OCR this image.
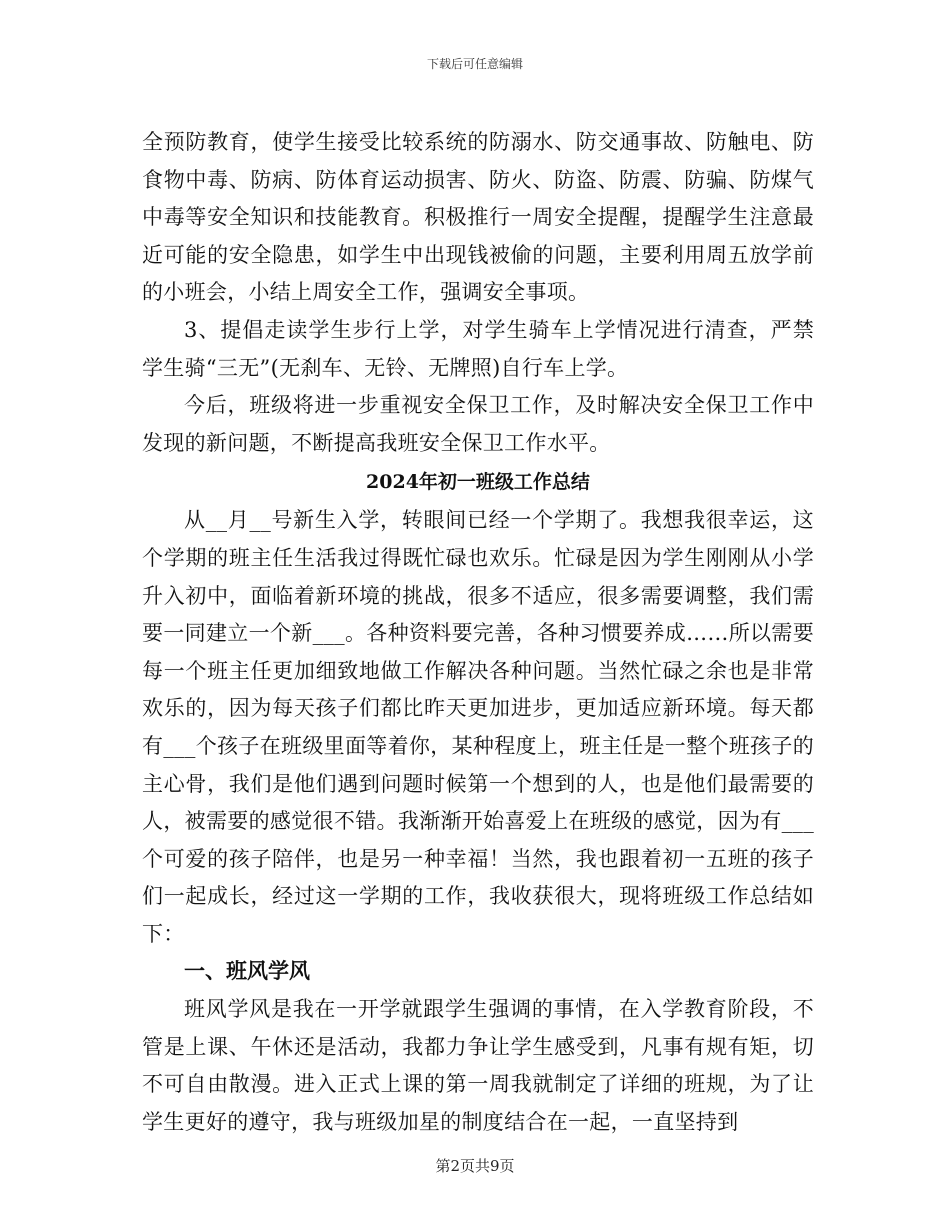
下载后可任意编辑

全预防教育，使学生接受比较系统的防溺水、防交通事故、防触电、防食物中毒、防病、防体育运动损害、防火、防盗、防震、防骗、防煤气中毒等安全知识和技能教育。积极推行一周安全提醒，提醒学生注意最近可能的安全隐患，如学生中出现钱被偷的问题，主要利用周五放学前的小班会，小结上周安全工作，强调安全事项。

3、提倡走读学生步行上学，对学生骑车上学情况进行清查，严禁学生骑“三无”(无刹车、无铃、无牌照)自行车上学。

今后，班级将进一步重视安全保卫工作，及时解决安全保卫工作中发现的新问题，不断提高我班安全保卫工作水平。

2024年初一班级工作总结

从__月__号新生入学，转眼间已经一个学期了。我想我很幸运，这个学期的班主任生活我过得既忙碌也欢乐。忙碌是因为学生刚刚从小学升入初中，面临着新环境的挑战，很多不适应，很多需要调整，我们需要一同建立一个新___。各种资料要完善，各种习惯要养成……所以需要每一个班主任更加细致地做工作解决各种问题。当然忙碌之余也是非常欢乐的，因为每天孩子们都比昨天更加进步，更加适应新环境。每天都有___个孩子在班级里面等着你，某种程度上，班主任是一整个班孩子的主心骨，我们是他们遇到问题时候第一个想到的人，也是他们最需要的人，被需要的感觉很不错。我渐渐开始喜爱上在班级的感觉，因为有___个可爱的孩子陪伴，也是另一种幸福！当然，我也跟着初一五班的孩子们一起成长，经过这一学期的工作，我收获很大，现将班级工作总结如下：

一、班风学风

班风学风是我在一开学就跟学生强调的事情，在入学教育阶段，不管是上课、午休还是活动，我都力争让学生感受到，凡事有规有矩，切不可自由散漫。进入正式上课的第一周我就制定了详细的班规，为了让学生更好的遵守，我与班级加星的制度结合在一起，一直坚持到

第2页共9页
